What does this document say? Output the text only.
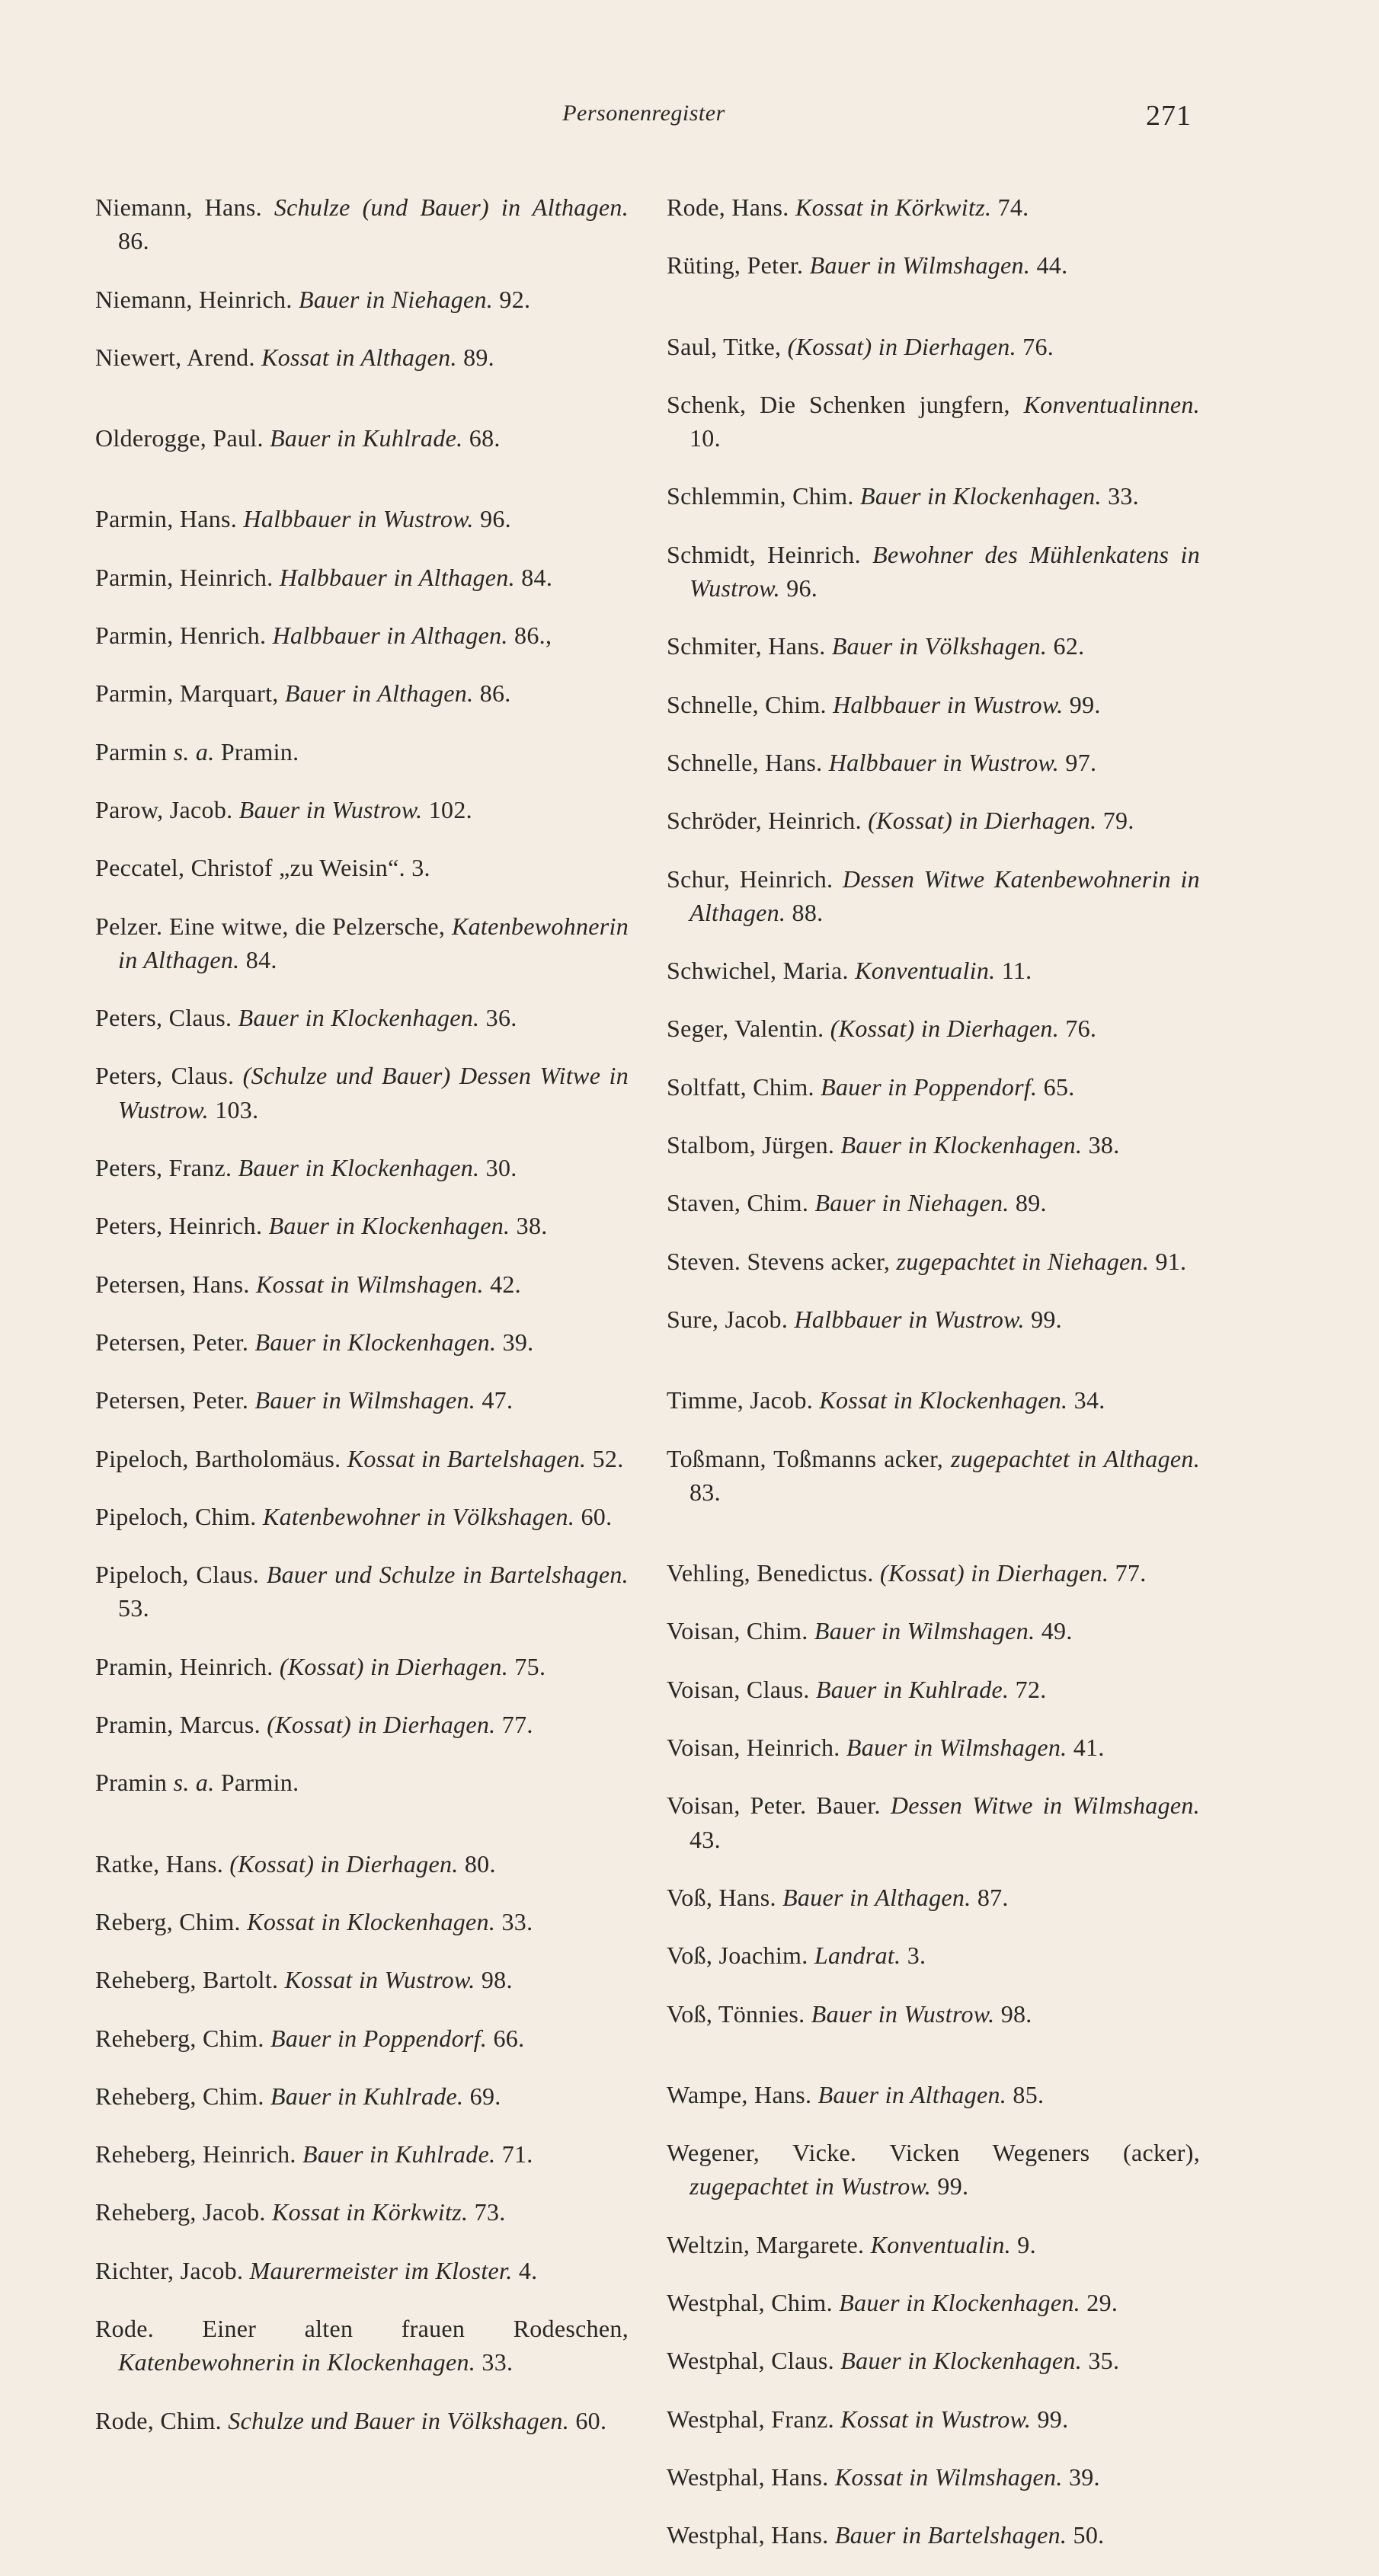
Personenregister	271

Niemann, Hans. Schulze (und Bauer) in Althagen. 86.

Niemann, Heinrich. Bauer in Niehagen. 92.

Niewert, Arend. Kossat in Althagen. 89.

Olderogge, Paul. Bauer in Kuhlrade. 68.

Parmin, Hans. Halbbauer in Wustrow. 96.

Parmin, Heinrich. Halbbauer in Althagen. 84.

Parmin, Henrich. Halbbauer in Althagen. 86.,

Parmin, Marquart, Bauer in Althagen. 86.

Parmin s. a. Pramin.

Parow, Jacob. Bauer in Wustrow. 102.

Peccatel, Christof „zu Weisin“. 3.

Pelzer. Eine witwe, die Pelzersche, Katenbewohnerin in Althagen. 84.

Peters, Claus. Bauer in Klockenhagen. 36.

Peters, Claus. (Schulze und Bauer) Dessen Witwe in Wustrow. 103.

Peters, Franz. Bauer in Klockenhagen. 30.

Peters, Heinrich. Bauer in Klockenhagen. 38.

Petersen, Hans. Kossat in Wilmshagen. 42.

Petersen, Peter. Bauer in Klockenhagen. 39.

Petersen, Peter. Bauer in Wilmshagen. 47.

Pipeloch, Bartholomäus. Kossat in Bartelshagen. 52.

Pipeloch, Chim. Katenbewohner in Völkshagen. 60.

Pipeloch, Claus. Bauer und Schulze in Bartelshagen. 53.

Pramin, Heinrich. (Kossat) in Dierhagen. 75.

Pramin, Marcus. (Kossat) in Dierhagen. 77.

Pramin s. a. Parmin.

Ratke, Hans. (Kossat) in Dierhagen. 80.

Reberg, Chim. Kossat in Klockenhagen. 33.

Reheberg, Bartolt. Kossat in Wustrow. 98.

Reheberg, Chim. Bauer in Poppendorf. 66.

Reheberg, Chim. Bauer in Kuhlrade. 69.

Reheberg, Heinrich. Bauer in Kuhlrade. 71.

Reheberg, Jacob. Kossat in Körkwitz. 73.

Richter, Jacob. Maurermeister im Kloster. 4.

Rode. Einer alten frauen Rodeschen, Katenbewohnerin in Klockenhagen. 33.

Rode, Chim. Schulze und Bauer in Völkshagen. 60.

Rode, Hans. Kossat in Körkwitz. 74.

Rüting, Peter. Bauer in Wilmshagen. 44.

Saul, Titke, (Kossat) in Dierhagen. 76.

Schenk, Die Schenken jungfern, Konventualinnen. 10.

Schlemmin, Chim. Bauer in Klockenhagen. 33.

Schmidt, Heinrich. Bewohner des Mühlenkatens in Wustrow. 96.

Schmiter, Hans. Bauer in Völkshagen. 62.

Schnelle, Chim. Halbbauer in Wustrow. 99.

Schnelle, Hans. Halbbauer in Wustrow. 97.

Schröder, Heinrich. (Kossat) in Dierhagen. 79.

Schur, Heinrich. Dessen Witwe Katenbewohnerin in Althagen. 88.

Schwichel, Maria. Konventualin. 11.

Seger, Valentin. (Kossat) in Dierhagen. 76.

Soltfatt, Chim. Bauer in Poppendorf. 65.

Stalbom, Jürgen. Bauer in Klockenhagen. 38.

Staven, Chim. Bauer in Niehagen. 89.

Steven. Stevens acker, zugepachtet in Niehagen. 91.

Sure, Jacob. Halbbauer in Wustrow. 99.

Timme, Jacob. Kossat in Klockenhagen. 34.

Toßmann, Toßmanns acker, zugepachtet in Althagen. 83.

Vehling, Benedictus. (Kossat) in Dierhagen. 77.

Voisan, Chim. Bauer in Wilmshagen. 49.

Voisan, Claus. Bauer in Kuhlrade. 72.

Voisan, Heinrich. Bauer in Wilmshagen. 41.

Voisan, Peter. Bauer. Dessen Witwe in Wilmshagen. 43.

Voß, Hans. Bauer in Althagen. 87.

Voß, Joachim. Landrat. 3.

Voß, Tönnies. Bauer in Wustrow. 98.

Wampe, Hans. Bauer in Althagen. 85.

Wegener, Vicke. Vicken Wegeners (acker), zugepachtet in Wustrow. 99.

Weltzin, Margarete. Konventualin. 9.

Westphal, Chim. Bauer in Klockenhagen. 29.

Westphal, Claus. Bauer in Klockenhagen. 35.

Westphal, Franz. Kossat in Wustrow. 99.

Westphal, Hans. Kossat in Wilmshagen. 39.

Westphal, Hans. Bauer in Bartelshagen. 50.
